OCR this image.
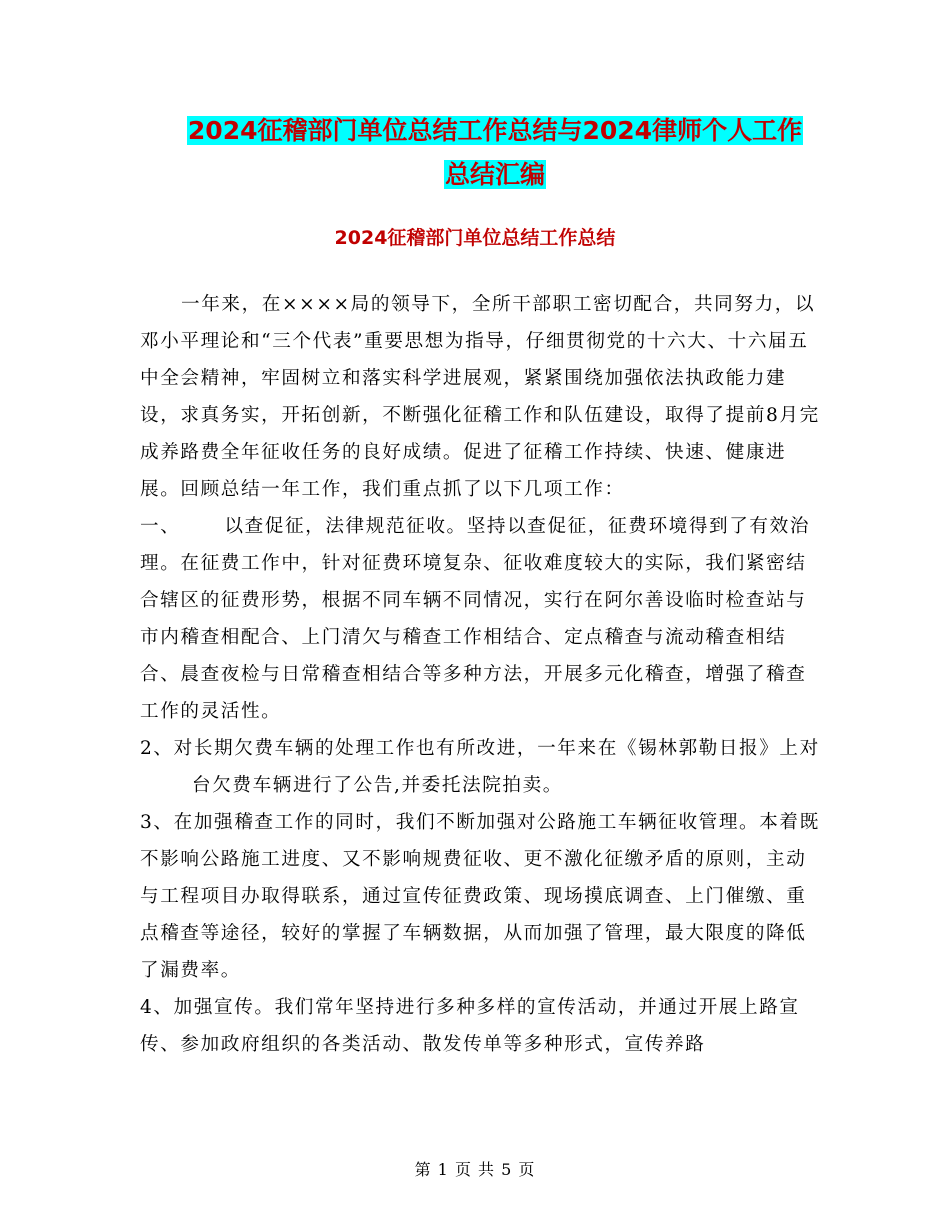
2024征稽部门单位总结工作总结与2024律师个人工作
总结汇编
2024征稽部门单位总结工作总结

一年来，在××××局的领导下，全所干部职工密切配合，共同努力，以邓小平理论和“三个代表”重要思想为指导，仔细贯彻党的十六大、十六届五中全会精神，牢固树立和落实科学进展观，紧紧围绕加强依法执政能力建设，求真务实，开拓创新，不断强化征稽工作和队伍建设，取得了提前8月完成养路费全年征收任务的良好成绩。促进了征稽工作持续、快速、健康进展。回顾总结一年工作，我们重点抓了以下几项工作：

一、 以查促征，法律规范征收。坚持以查促征，征费环境得到了有效治理。在征费工作中，针对征费环境复杂、征收难度较大的实际，我们紧密结合辖区的征费形势，根据不同车辆不同情况，实行在阿尔善设临时检查站与市内稽查相配合、上门清欠与稽查工作相结合、定点稽查与流动稽查相结合、晨查夜检与日常稽查相结合等多种方法，开展多元化稽查，增强了稽查工作的灵活性。

2、对长期欠费车辆的处理工作也有所改进，一年来在《锡林郭勒日报》上对台欠费车辆进行了公告,并委托法院拍卖。

3、在加强稽查工作的同时，我们不断加强对公路施工车辆征收管理。本着既不影响公路施工进度、又不影响规费征收、更不激化征缴矛盾的原则，主动与工程项目办取得联系，通过宣传征费政策、现场摸底调查、上门催缴、重点稽查等途径，较好的掌握了车辆数据，从而加强了管理，最大限度的降低了漏费率。

4、加强宣传。我们常年坚持进行多种多样的宣传活动，并通过开展上路宣传、参加政府组织的各类活动、散发传单等多种形式，宣传养路

第 1 页 共 5 页
